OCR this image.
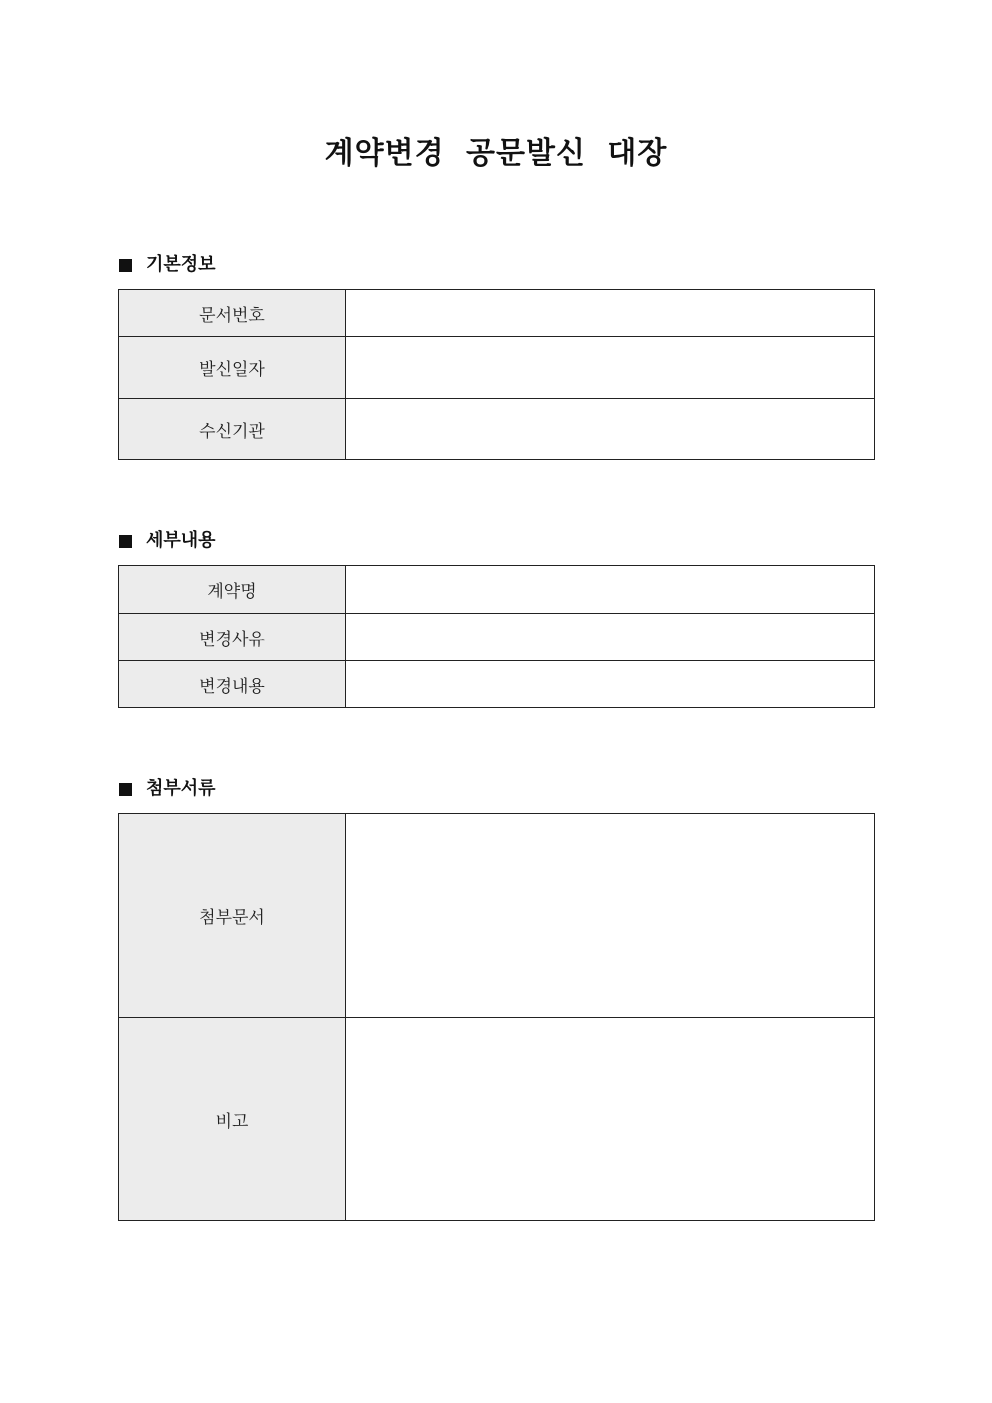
계약변경 공문발신 대장
기본정보
문서번호	
발신일자	
수신기관	
세부내용
계약명	
변경사유	
변경내용	
첨부서류
첨부문서	
비고	
